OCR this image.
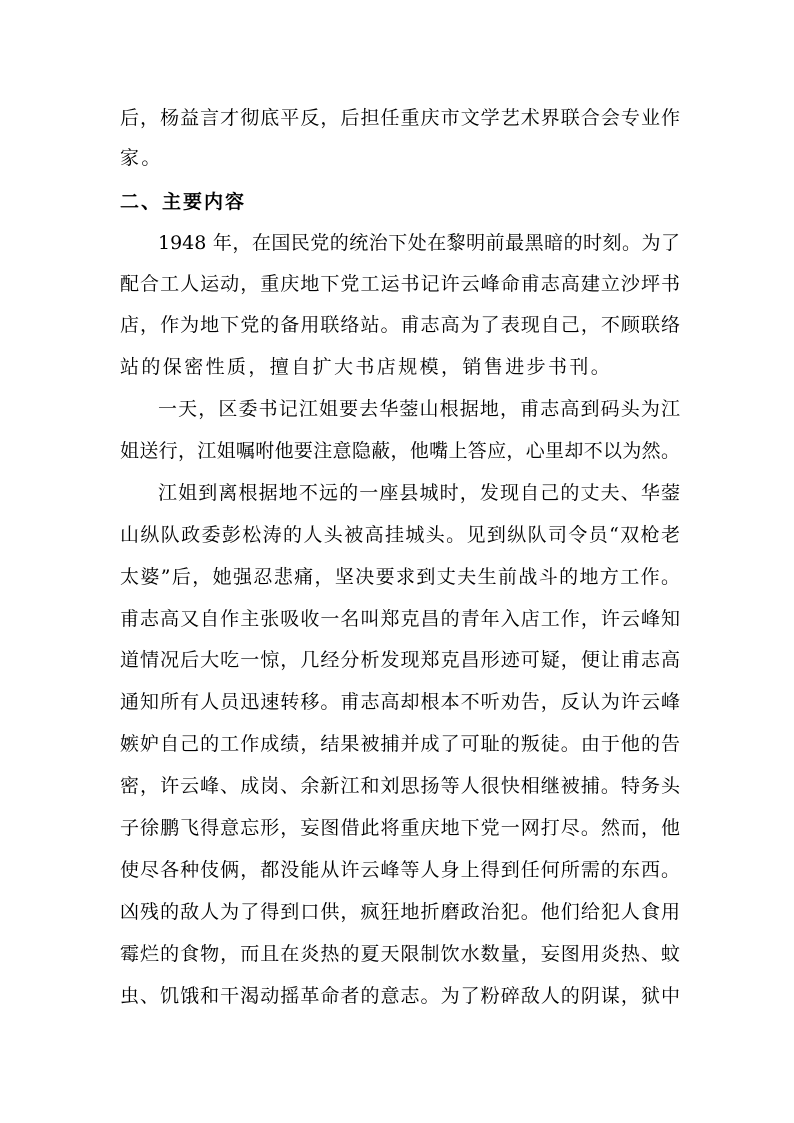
后，杨益言才彻底平反，后担任重庆市文学艺术界联合会专业作
家。
二、主要内容
1948 年，在国民党的统治下处在黎明前最黑暗的时刻。为了
配合工人运动，重庆地下党工运书记许云峰命甫志高建立沙坪书
店，作为地下党的备用联络站。甫志高为了表现自己，不顾联络
站的保密性质，擅自扩大书店规模，销售进步书刊。
一天，区委书记江姐要去华蓥山根据地，甫志高到码头为江
姐送行，江姐嘱咐他要注意隐蔽，他嘴上答应，心里却不以为然。
江姐到离根据地不远的一座县城时，发现自己的丈夫、华蓥
山纵队政委彭松涛的人头被高挂城头。见到纵队司令员“双枪老
太婆”后，她强忍悲痛，坚决要求到丈夫生前战斗的地方工作。
甫志高又自作主张吸收一名叫郑克昌的青年入店工作，许云峰知
道情况后大吃一惊，几经分析发现郑克昌形迹可疑，便让甫志高
通知所有人员迅速转移。甫志高却根本不听劝告，反认为许云峰
嫉妒自己的工作成绩，结果被捕并成了可耻的叛徒。由于他的告
密，许云峰、成岗、余新江和刘思扬等人很快相继被捕。特务头
子徐鹏飞得意忘形，妄图借此将重庆地下党一网打尽。然而，他
使尽各种伎俩，都没能从许云峰等人身上得到任何所需的东西。
凶残的敌人为了得到口供，疯狂地折磨政治犯。他们给犯人食用
霉烂的食物，而且在炎热的夏天限制饮水数量，妄图用炎热、蚊
虫、饥饿和干渴动摇革命者的意志。为了粉碎敌人的阴谋，狱中
